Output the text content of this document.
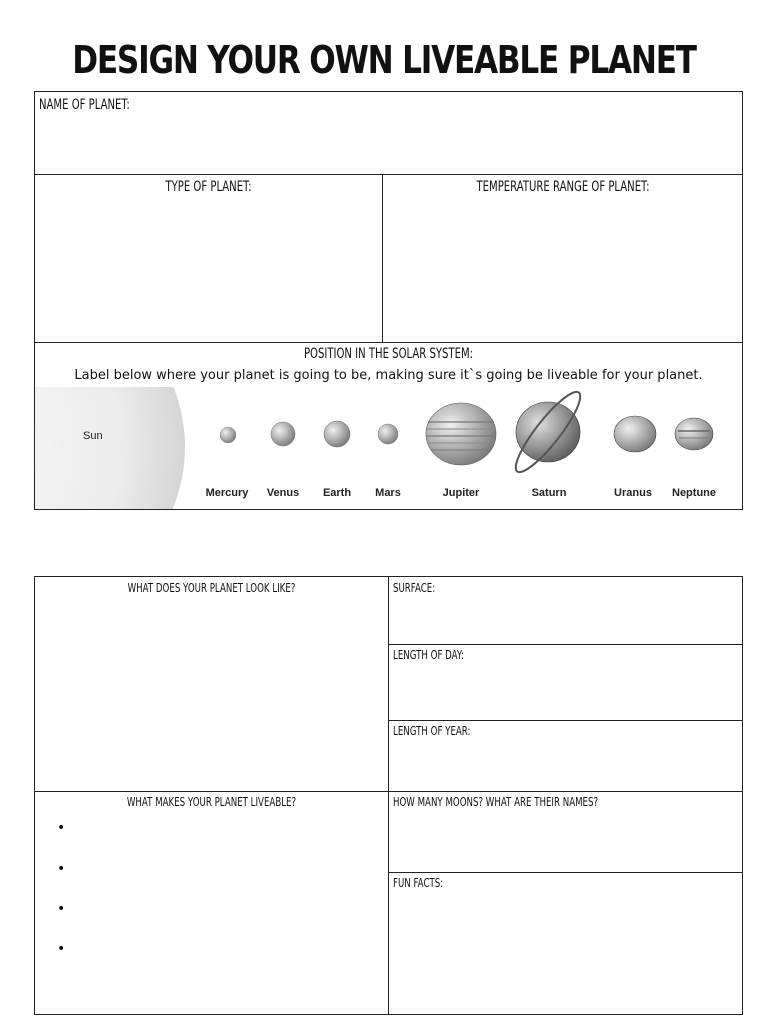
DESIGN YOUR OWN LIVEABLE PLANET
NAME OF PLANET:
TYPE OF PLANET:	TEMPERATURE RANGE OF PLANET:
POSITION IN THE SOLAR SYSTEM:
Label below where your planet is going to be, making sure it`s going be liveable for your planet.
Sun
Mercury Venus Earth Mars	Jupiter	Saturn	Uranus Neptune
WHAT DOES YOUR PLANET LOOK LIKE?	SURFACE:
LENGTH OF DAY:
LENGTH OF YEAR:
WHAT MAKES YOUR PLANET LIVEABLE?
•
•
•
•
HOW MANY MOONS? WHAT ARE THEIR NAMES?
FUN FACTS:
